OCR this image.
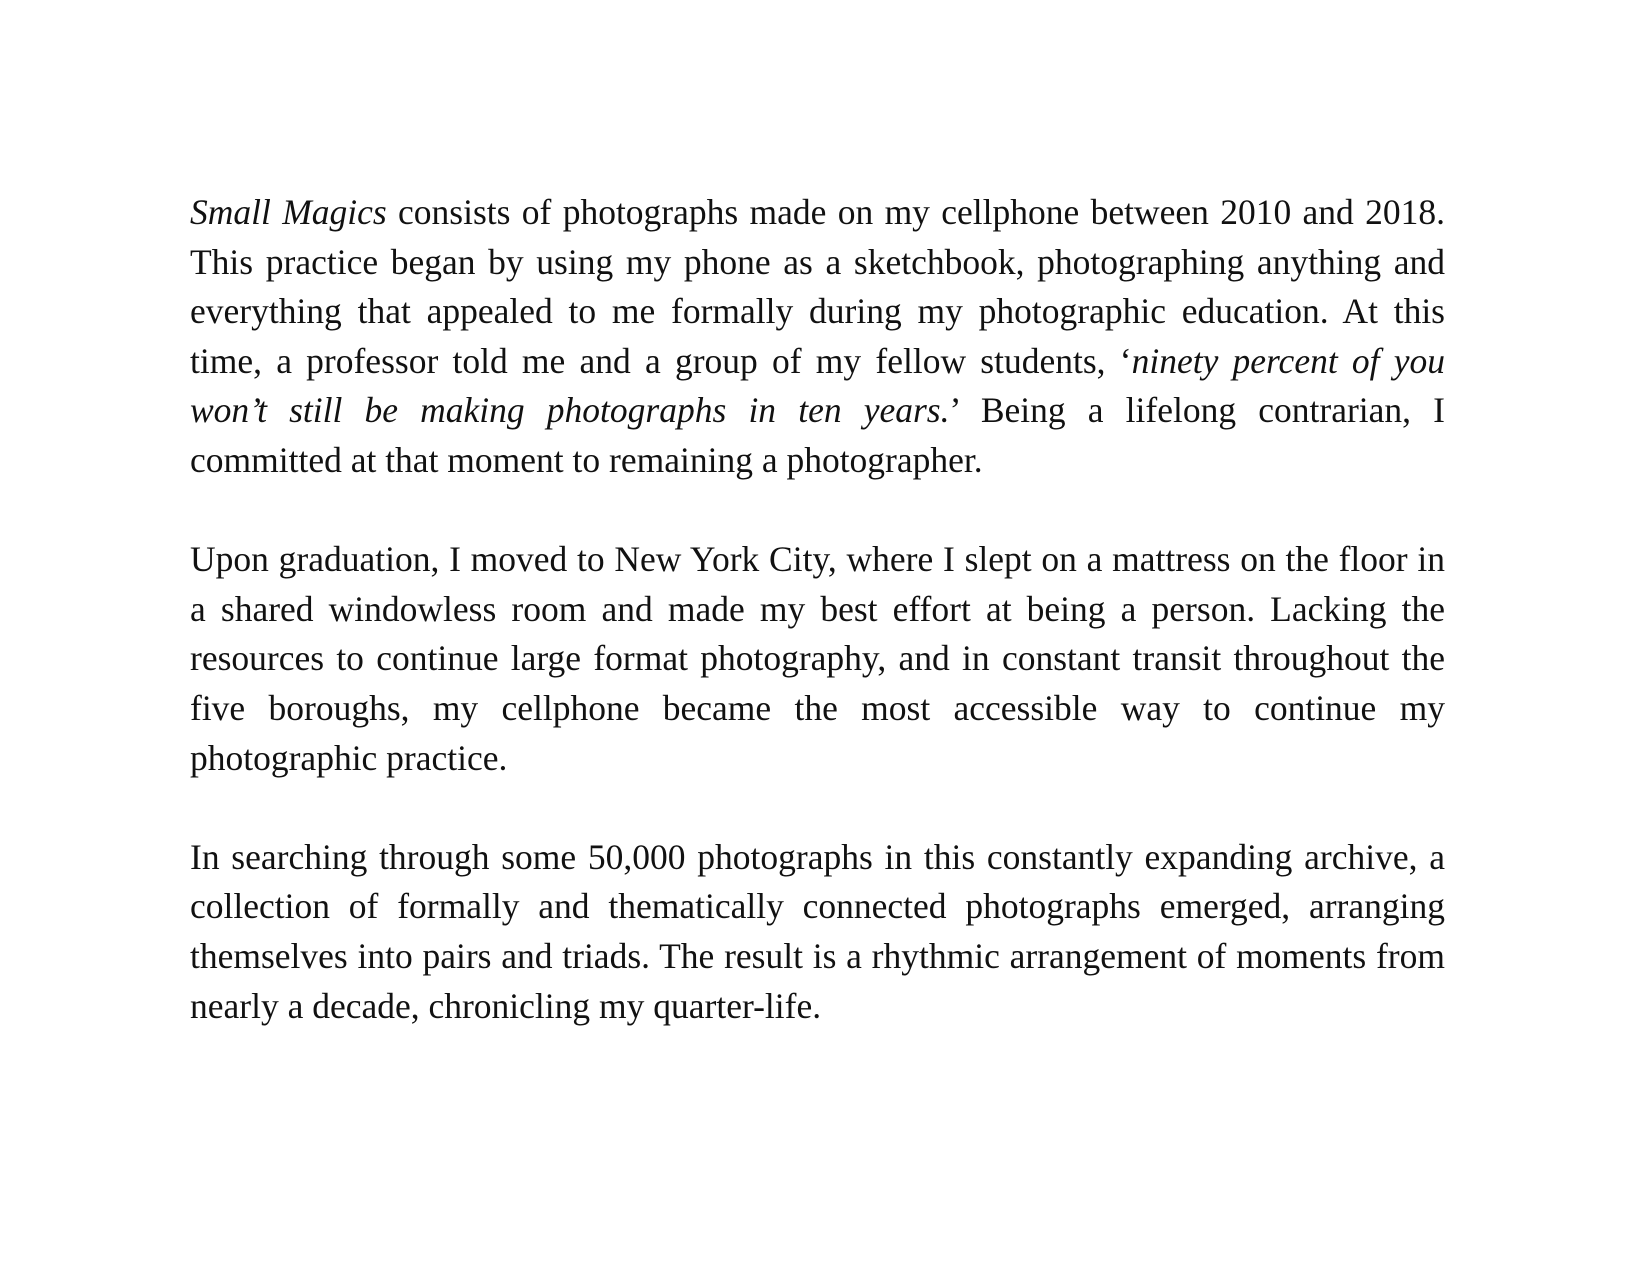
Small Magics consists of photographs made on my cellphone between 2010 and 2018. This practice began by using my phone as a sketchbook, photographing anything and everything that appealed to me formally during my photographic education. At this time, a professor told me and a group of my fellow students, ‘ninety percent of you won’t still be making photographs in ten years.’ Being a lifelong contrarian, I committed at that moment to remaining a photographer.

Upon graduation, I moved to New York City, where I slept on a mattress on the floor in a shared windowless room and made my best effort at being a person. Lacking the resources to continue large format photography, and in constant transit throughout the five boroughs, my cellphone became the most accessible way to continue my photographic practice.

In searching through some 50,000 photographs in this constantly expanding archive, a collection of formally and thematically connected photographs emerged, arranging themselves into pairs and triads. The result is a rhythmic arrangement of moments from nearly a decade, chronicling my quarter-life.
